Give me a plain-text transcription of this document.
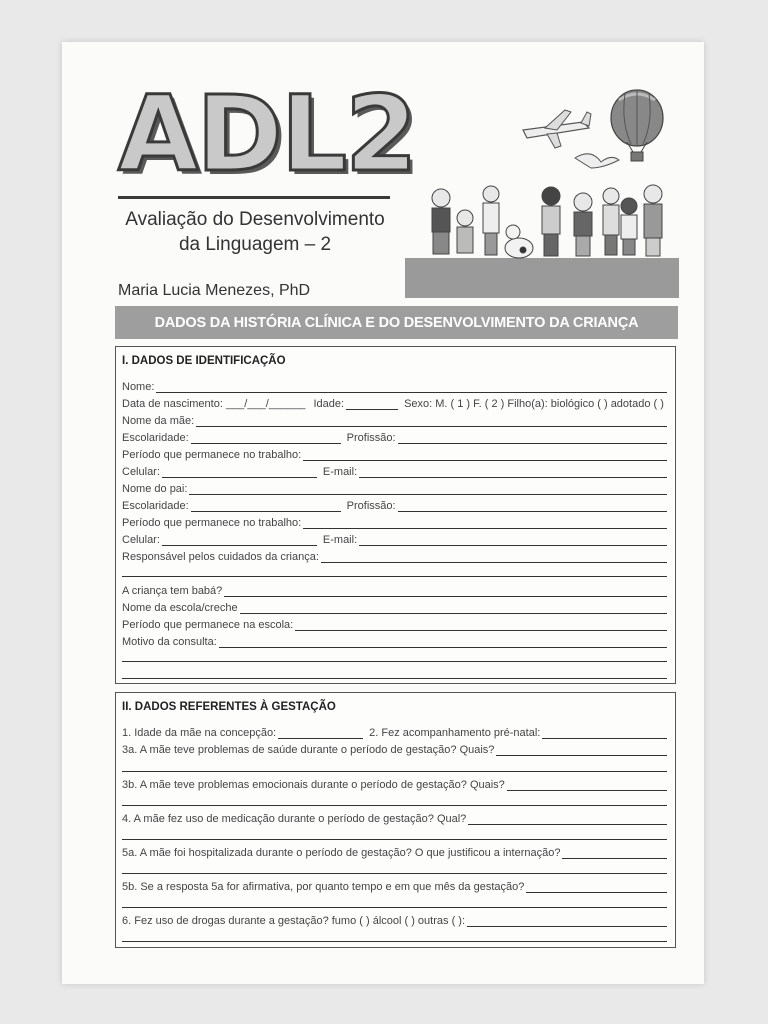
ADL2
Avaliação do Desenvolvimento
da Linguagem – 2
Maria Lucia Menezes, PhD
DADOS DA HISTÓRIA CLÍNICA E DO DESENVOLVIMENTO DA CRIANÇA
I. DADOS DE IDENTIFICAÇÃO
Nome:
Data de nascimento: ___/___/______ Idade:	Sexo: M. ( 1 ) F. ( 2 ) Filho(a): biológico ( ) adotado ( )
Nome da mãe:
Escolaridade:	Profissão:
Período que permanece no trabalho:
Celular:	E-mail:
Nome do pai:
Escolaridade:	Profissão:
Período que permanece no trabalho:
Celular:	E-mail:
Responsável pelos cuidados da criança:
A criança tem babá?
Nome da escola/creche
Período que permanece na escola:
Motivo da consulta:
II. DADOS REFERENTES À GESTAÇÃO
1. Idade da mãe na concepção:	2. Fez acompanhamento pré-natal:
3a. A mãe teve problemas de saúde durante o período de gestação? Quais?
3b. A mãe teve problemas emocionais durante o período de gestação? Quais?
4. A mãe fez uso de medicação durante o período de gestação? Qual?
5a. A mãe foi hospitalizada durante o período de gestação? O que justificou a internação?
5b. Se a resposta 5a for afirmativa, por quanto tempo e em que mês da gestação?
6. Fez uso de drogas durante a gestação? fumo ( ) álcool ( ) outras ( ):
